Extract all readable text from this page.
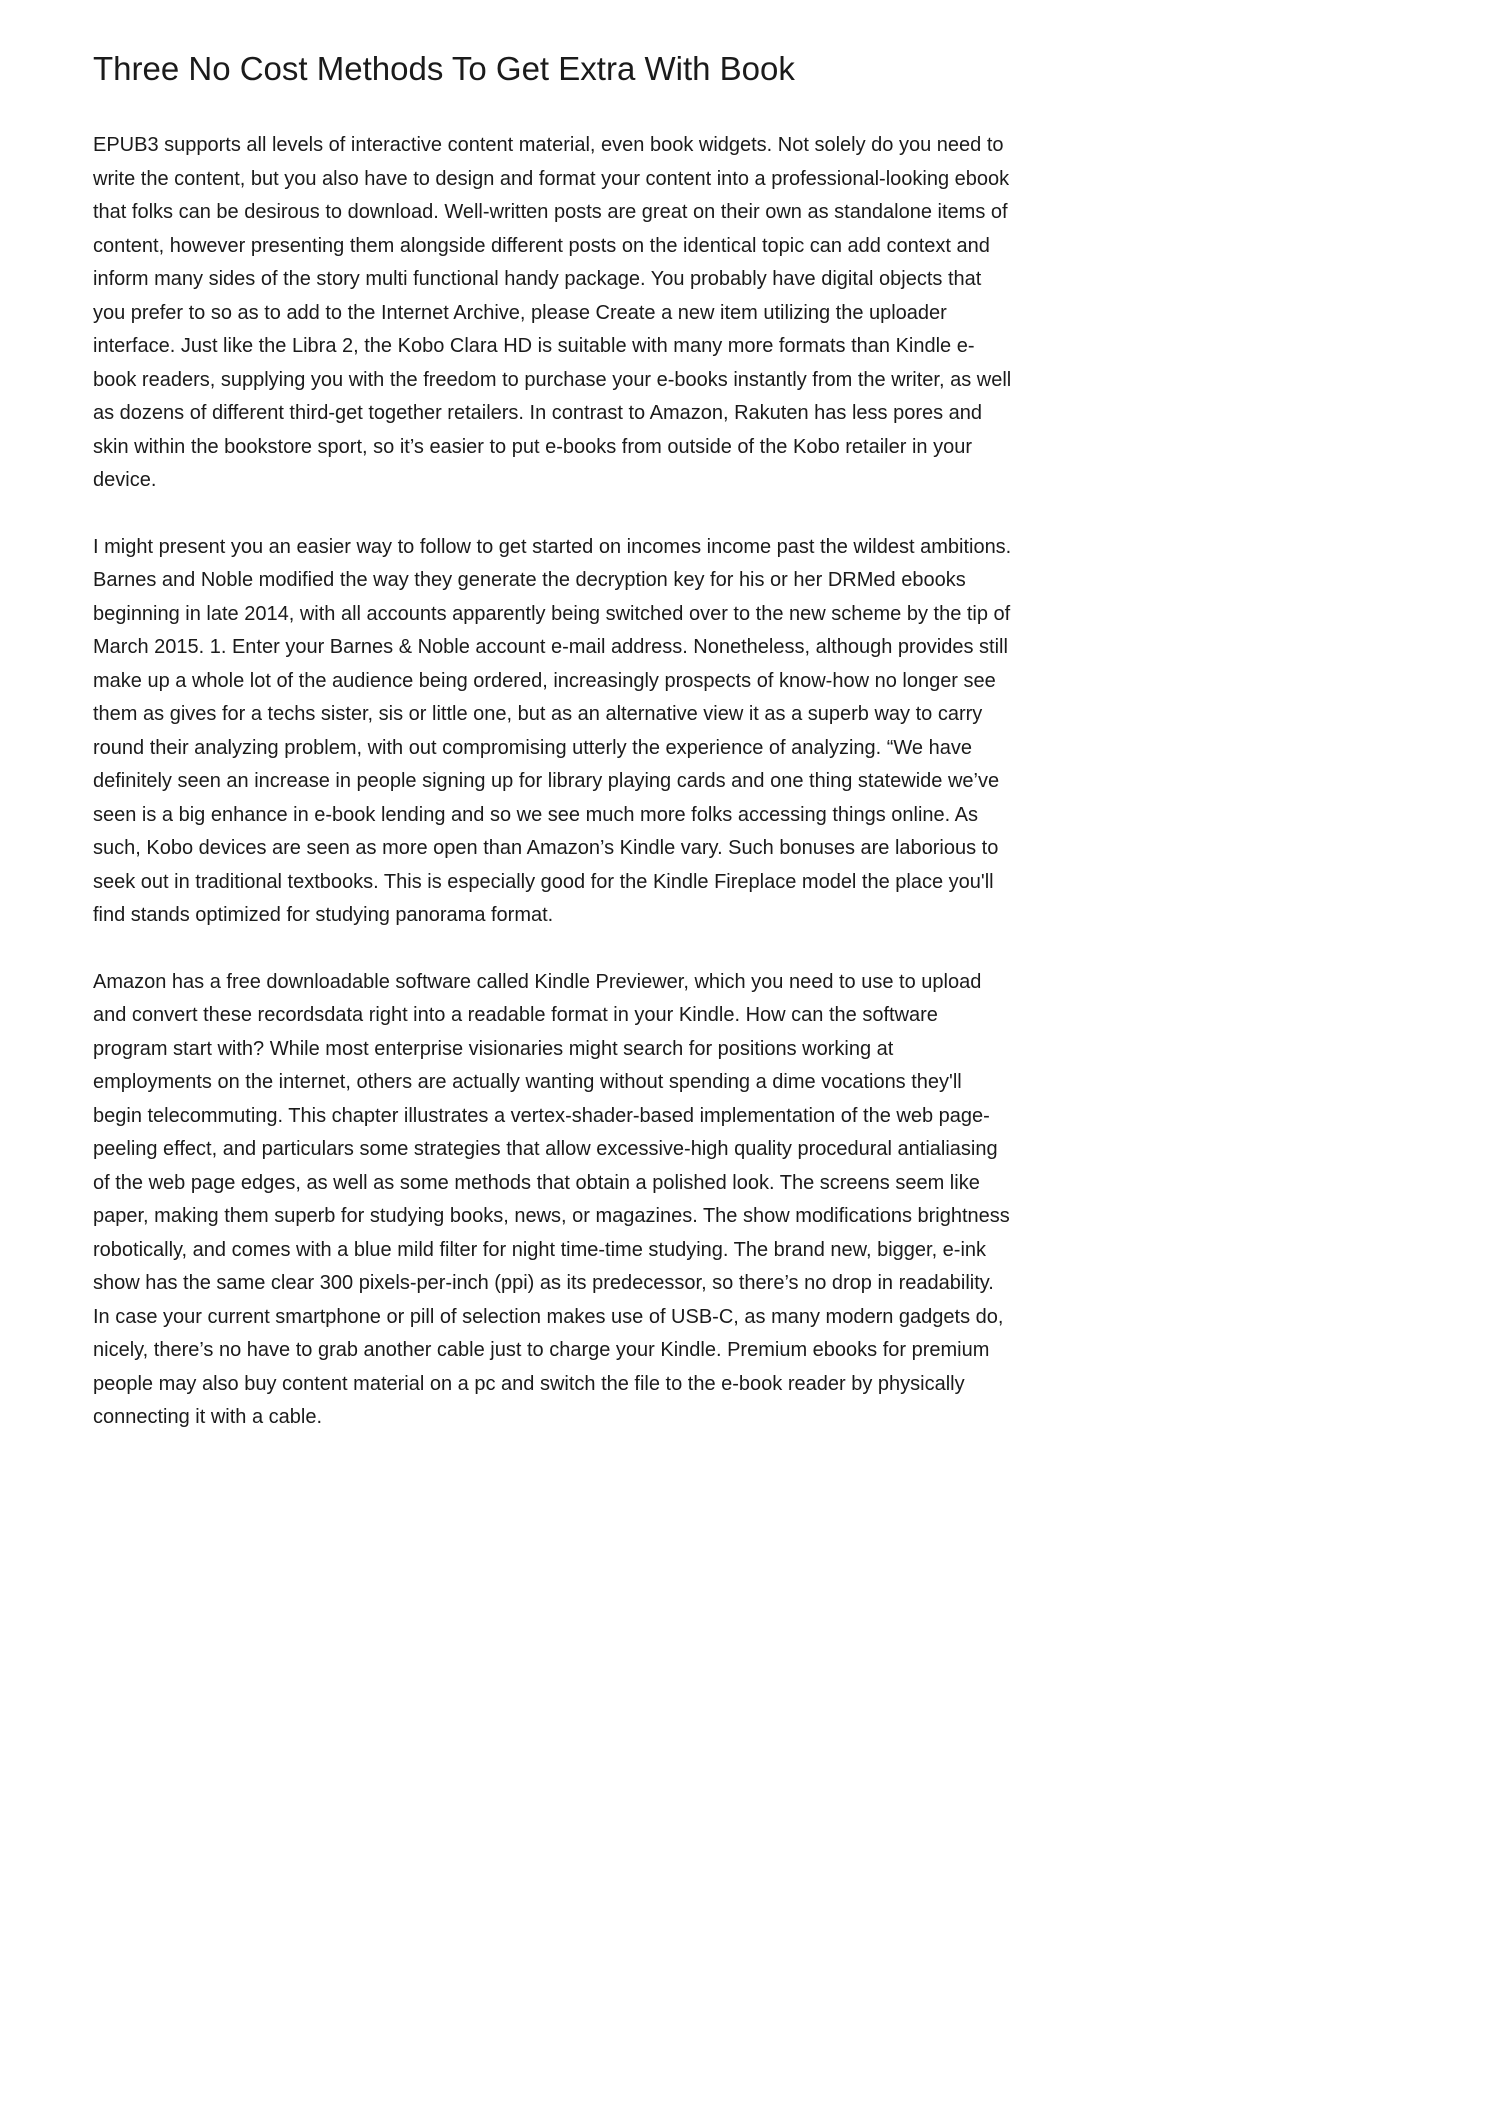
Three No Cost Methods To Get Extra With Book

EPUB3 supports all levels of interactive content material, even book widgets. Not solely do you need to write the content, but you also have to design and format your content into a professional-looking ebook that folks can be desirous to download. Well-written posts are great on their own as standalone items of content, however presenting them alongside different posts on the identical topic can add context and inform many sides of the story multi functional handy package. You probably have digital objects that you prefer to so as to add to the Internet Archive, please Create a new item utilizing the uploader interface. Just like the Libra 2, the Kobo Clara HD is suitable with many more formats than Kindle e-book readers, supplying you with the freedom to purchase your e-books instantly from the writer, as well as dozens of different third-get together retailers. In contrast to Amazon, Rakuten has less pores and skin within the bookstore sport, so it’s easier to put e-books from outside of the Kobo retailer in your device.

I might present you an easier way to follow to get started on incomes income past the wildest ambitions. Barnes and Noble modified the way they generate the decryption key for his or her DRMed ebooks beginning in late 2014, with all accounts apparently being switched over to the new scheme by the tip of March 2015. 1. Enter your Barnes & Noble account e-mail address. Nonetheless, although provides still make up a whole lot of the audience being ordered, increasingly prospects of know-how no longer see them as gives for a techs sister, sis or little one, but as an alternative view it as a superb way to carry round their analyzing problem, with out compromising utterly the experience of analyzing. “We have definitely seen an increase in people signing up for library playing cards and one thing statewide we’ve seen is a big enhance in e-book lending and so we see much more folks accessing things online. As such, Kobo devices are seen as more open than Amazon’s Kindle vary. Such bonuses are laborious to seek out in traditional textbooks. This is especially good for the Kindle Fireplace model the place you'll find stands optimized for studying panorama format.

Amazon has a free downloadable software called Kindle Previewer, which you need to use to upload and convert these recordsdata right into a readable format in your Kindle. How can the software program start with? While most enterprise visionaries might search for positions working at employments on the internet, others are actually wanting without spending a dime vocations they'll begin telecommuting. This chapter illustrates a vertex-shader-based implementation of the web page-peeling effect, and particulars some strategies that allow excessive-high quality procedural antialiasing of the web page edges, as well as some methods that obtain a polished look. The screens seem like paper, making them superb for studying books, news, or magazines. The show modifications brightness robotically, and comes with a blue mild filter for night time-time studying. The brand new, bigger, e-ink show has the same clear 300 pixels-per-inch (ppi) as its predecessor, so there’s no drop in readability. In case your current smartphone or pill of selection makes use of USB-C, as many modern gadgets do, nicely, there’s no have to grab another cable just to charge your Kindle. Premium ebooks for premium people may also buy content material on a pc and switch the file to the e-book reader by physically connecting it with a cable.
